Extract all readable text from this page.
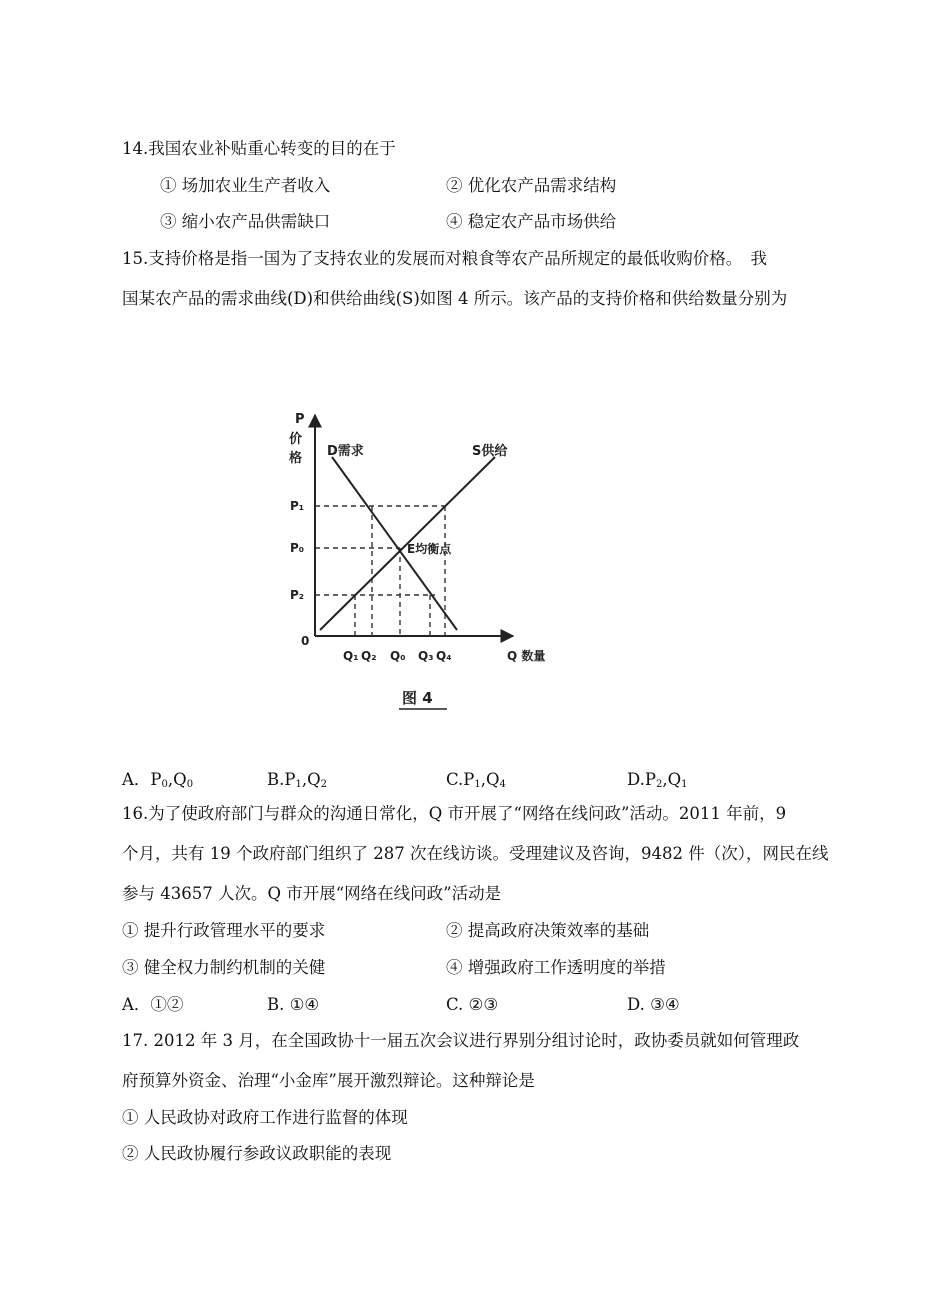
14.我国农业补贴重心转变的目的在于
① 场加农业生产者收入	② 优化农产品需求结构
③ 缩小农产品供需缺口	④ 稳定农产品市场供给
15.支持价格是指一国为了支持农业的发展而对粮食等农产品所规定的最低收购价格。　我
国某农产品的需求曲线(D)和供给曲线(S)如图 4 所示。该产品的支持价格和供给数量分别为
P
价
格 D需求	S供给
P₁
P₀
P₂
0
E均衡点
Q₁ Q₂ Q₀ Q₃ Q₄	Q 数量
图 4
A．$P_0,Q_0$	$B.P_1,Q_2$	$C.P_1,Q_4$	$D.P_2,Q_1$
16.为了使政府部门与群众的沟通日常化，Q 市开展了“网络在线问政”活动。2011 年前，9
个月，共有 19 个政府部门组织了 287 次在线访谈。受理建议及咨询，9482 件（次），网民在线
参与 43657 人次。Q 市开展“网络在线问政”活动是
① 提升行政管理水平的要求	② 提高政府决策效率的基础
③ 健全权力制约机制的关健	④ 增强政府工作透明度的举措
A．①②	B. ①④	C. ②③	D. ③④
17. 2012 年 3 月，在全国政协十一届五次会议进行界别分组讨论时，政协委员就如何管理政
府预算外资金、治理“小金库”展开激烈辩论。这种辩论是
① 人民政协对政府工作进行监督的体现
② 人民政协履行参政议政职能的表现
